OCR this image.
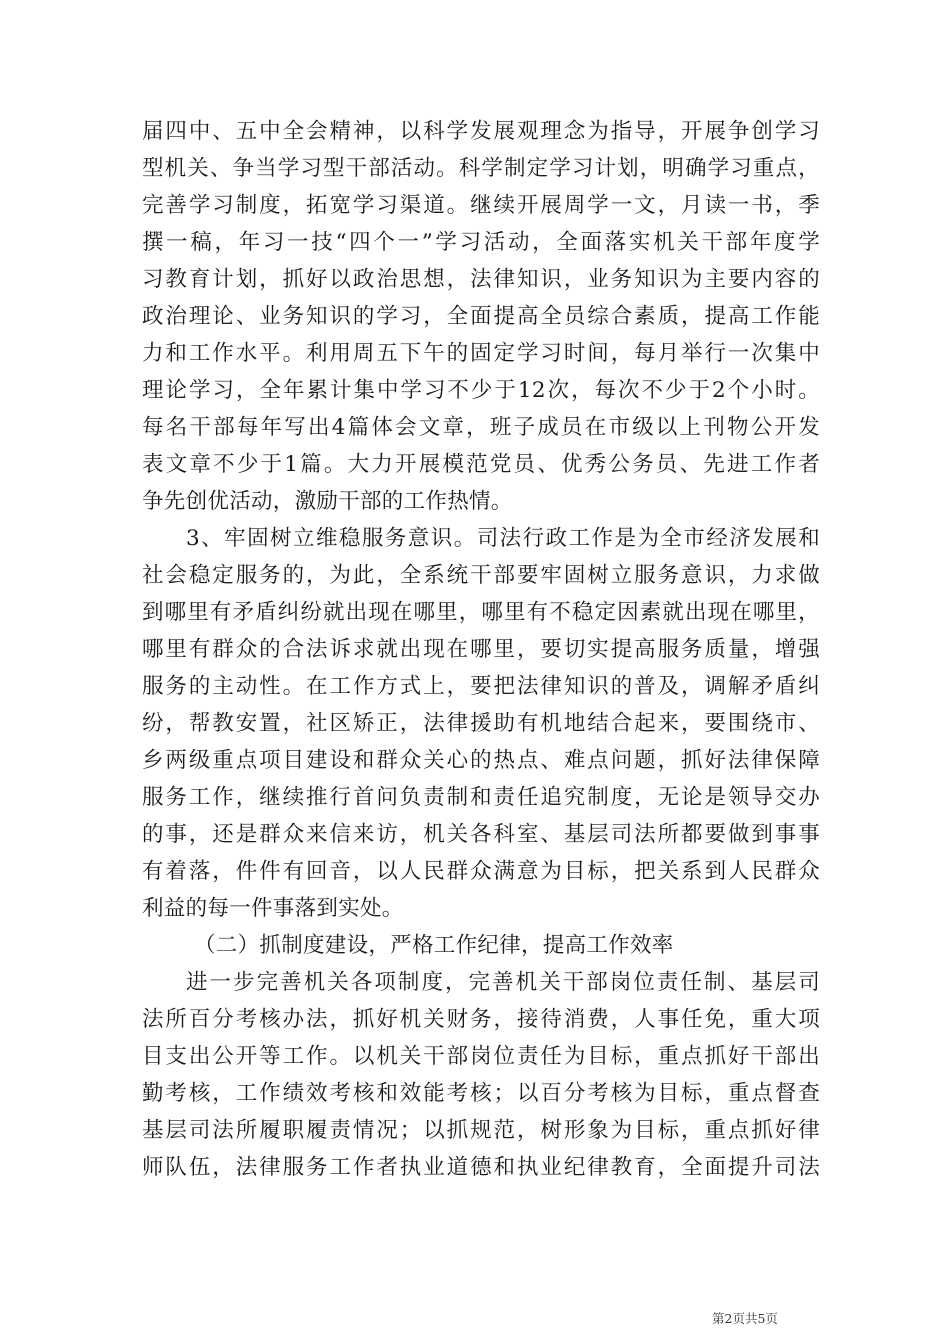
届四中、五中全会精神，以科学发展观理念为指导，开展争创学习
型机关、争当学习型干部活动。科学制定学习计划，明确学习重点，
完善学习制度，拓宽学习渠道。继续开展周学一文，月读一书，季
撰一稿，年习一技“四个一”学习活动，全面落实机关干部年度学
习教育计划，抓好以政治思想，法律知识，业务知识为主要内容的
政治理论、业务知识的学习，全面提高全员综合素质，提高工作能
力和工作水平。利用周五下午的固定学习时间，每月举行一次集中
理论学习，全年累计集中学习不少于12次，每次不少于2个小时。
每名干部每年写出4篇体会文章，班子成员在市级以上刊物公开发
表文章不少于1篇。大力开展模范党员、优秀公务员、先进工作者
争先创优活动，激励干部的工作热情。
3、牢固树立维稳服务意识。司法行政工作是为全市经济发展和
社会稳定服务的，为此，全系统干部要牢固树立服务意识，力求做
到哪里有矛盾纠纷就出现在哪里，哪里有不稳定因素就出现在哪里，
哪里有群众的合法诉求就出现在哪里，要切实提高服务质量，增强
服务的主动性。在工作方式上，要把法律知识的普及，调解矛盾纠
纷，帮教安置，社区矫正，法律援助有机地结合起来，要围绕市、
乡两级重点项目建设和群众关心的热点、难点问题，抓好法律保障
服务工作，继续推行首问负责制和责任追究制度，无论是领导交办
的事，还是群众来信来访，机关各科室、基层司法所都要做到事事
有着落，件件有回音，以人民群众满意为目标，把关系到人民群众
利益的每一件事落到实处。
（二）抓制度建设，严格工作纪律，提高工作效率
进一步完善机关各项制度，完善机关干部岗位责任制、基层司
法所百分考核办法，抓好机关财务，接待消费，人事任免，重大项
目支出公开等工作。以机关干部岗位责任为目标，重点抓好干部出
勤考核，工作绩效考核和效能考核；以百分考核为目标，重点督查
基层司法所履职履责情况；以抓规范，树形象为目标，重点抓好律
师队伍，法律服务工作者执业道德和执业纪律教育，全面提升司法
第2页共5页
